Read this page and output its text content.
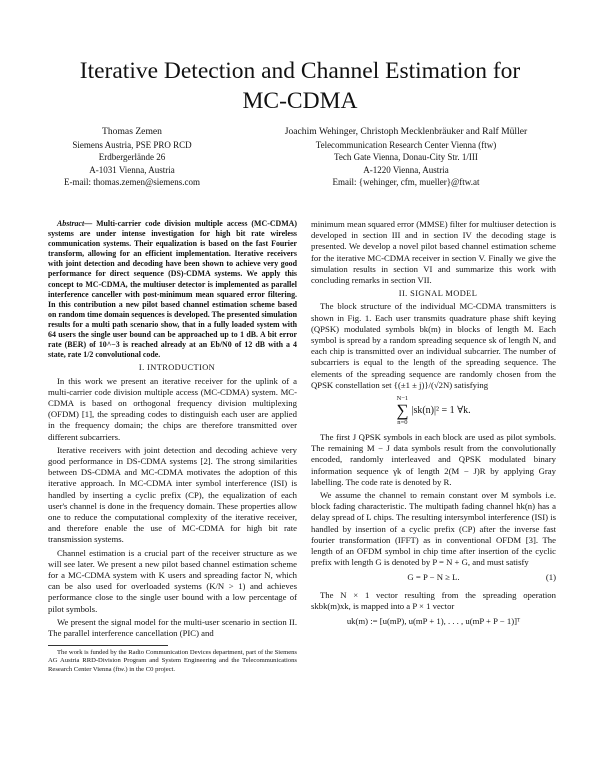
Iterative Detection and Channel Estimation for
MC-CDMA
Thomas Zemen
Siemens Austria, PSE PRO RCD
Erdbergerlände 26
A-1031 Vienna, Austria
E-mail: thomas.zemen@siemens.com
Joachim Wehinger, Christoph Mecklenbräuker and Ralf Müller
Telecommunication Research Center Vienna (ftw)
Tech Gate Vienna, Donau-City Str. 1/III
A-1220 Vienna, Austria
Email: {wehinger, cfm, mueller}@ftw.at

Abstract— Multi-carrier code division multiple access (MC-CDMA) systems are under intense investigation for high bit rate wireless communication systems. Their equalization is based on the fast Fourier transform, allowing for an efficient implementation. Iterative receivers with joint detection and decoding have been shown to achieve very good performance for direct sequence (DS)-CDMA systems. We apply this concept to MC-CDMA, the multiuser detector is implemented as parallel interference canceller with post-minimum mean squared error filtering. In this contribution a new pilot based channel estimation scheme based on random time domain sequences is developed. The presented simulation results for a multi path scenario show, that in a fully loaded system with 64 users the single user bound can be approached up to 1 dB. A bit error rate (BER) of 10^−3 is reached already at an Eb/N0 of 12 dB with a 4 state, rate 1/2 convolutional code.

I. INTRODUCTION

In this work we present an iterative receiver for the uplink of a multi-carrier code division multiple access (MC-CDMA) system. MC-CDMA is based on orthogonal frequency division multiplexing (OFDM) [1], the spreading codes to distinguish each user are applied in the frequency domain; the chips are therefore transmitted over different subcarriers.

Iterative receivers with joint detection and decoding achieve very good performance in DS-CDMA systems [2]. The strong similarities between DS-CDMA and MC-CDMA motivates the adoption of this iterative approach. In MC-CDMA inter symbol interference (ISI) is handled by inserting a cyclic prefix (CP), the equalization of each user's channel is done in the frequency domain. These properties allow one to reduce the computational complexity of the iterative receiver, and therefore enable the use of MC-CDMA for high bit rate transmission systems.

Channel estimation is a crucial part of the receiver structure as we will see later. We present a new pilot based channel estimation scheme for a MC-CDMA system with K users and spreading factor N, which can be also used for overloaded systems (K/N > 1) and achieves performance close to the single user bound with a low percentage of pilot symbols.

We present the signal model for the multi-user scenario in section II. The parallel interference cancellation (PIC) and

The work is funded by the Radio Communication Devices department, part of the Siemens AG Austria RRD-Division Program and System Engineering and the Telecommunications Research Center Vienna (ftw.) in the C0 project.

minimum mean squared error (MMSE) filter for multiuser detection is developed in section III and in section IV the decoding stage is presented. We develop a novel pilot based channel estimation scheme for the iterative MC-CDMA receiver in section V. Finally we give the simulation results in section VI and summarize this work with concluding remarks in section VII.

II. SIGNAL MODEL

The block structure of the individual MC-CDMA transmitters is shown in Fig. 1. Each user transmits quadrature phase shift keying (QPSK) modulated symbols bk(m) in blocks of length M. Each symbol is spread by a random spreading sequence sk of length N, and each chip is transmitted over an individual subcarrier. The number of subcarriers is equal to the length of the spreading sequence. The elements of the spreading sequence are randomly chosen from the QPSK constellation set {(±1 ± j)}/(√2N) satisfying

N−1
∑
n=0|sk(n)|² = 1 ∀k.

The first J QPSK symbols in each block are used as pilot symbols. The remaining M − J data symbols result from the convolutionally encoded, randomly interleaved and QPSK modulated binary information sequence γk of length 2(M − J)R by applying Gray labelling. The code rate is denoted by R.

We assume the channel to remain constant over M symbols i.e. block fading characteristic. The multipath fading channel hk(n) has a delay spread of L chips. The resulting intersymbol interference (ISI) is handled by insertion of a cyclic prefix (CP) after the inverse fast fourier transformation (IFFT) as in conventional OFDM [3]. The length of an OFDM symbol in chip time after insertion of the cyclic prefix with length G is denoted by P = N + G, and must satisfy

G = P − N ≥ L.	(1)

The N × 1 vector resulting from the spreading operation skbk(m)xk, is mapped into a P × 1 vector

uk(m) := [u(mP), u(mP + 1), . . . , u(mP + P − 1)]ᵀ
